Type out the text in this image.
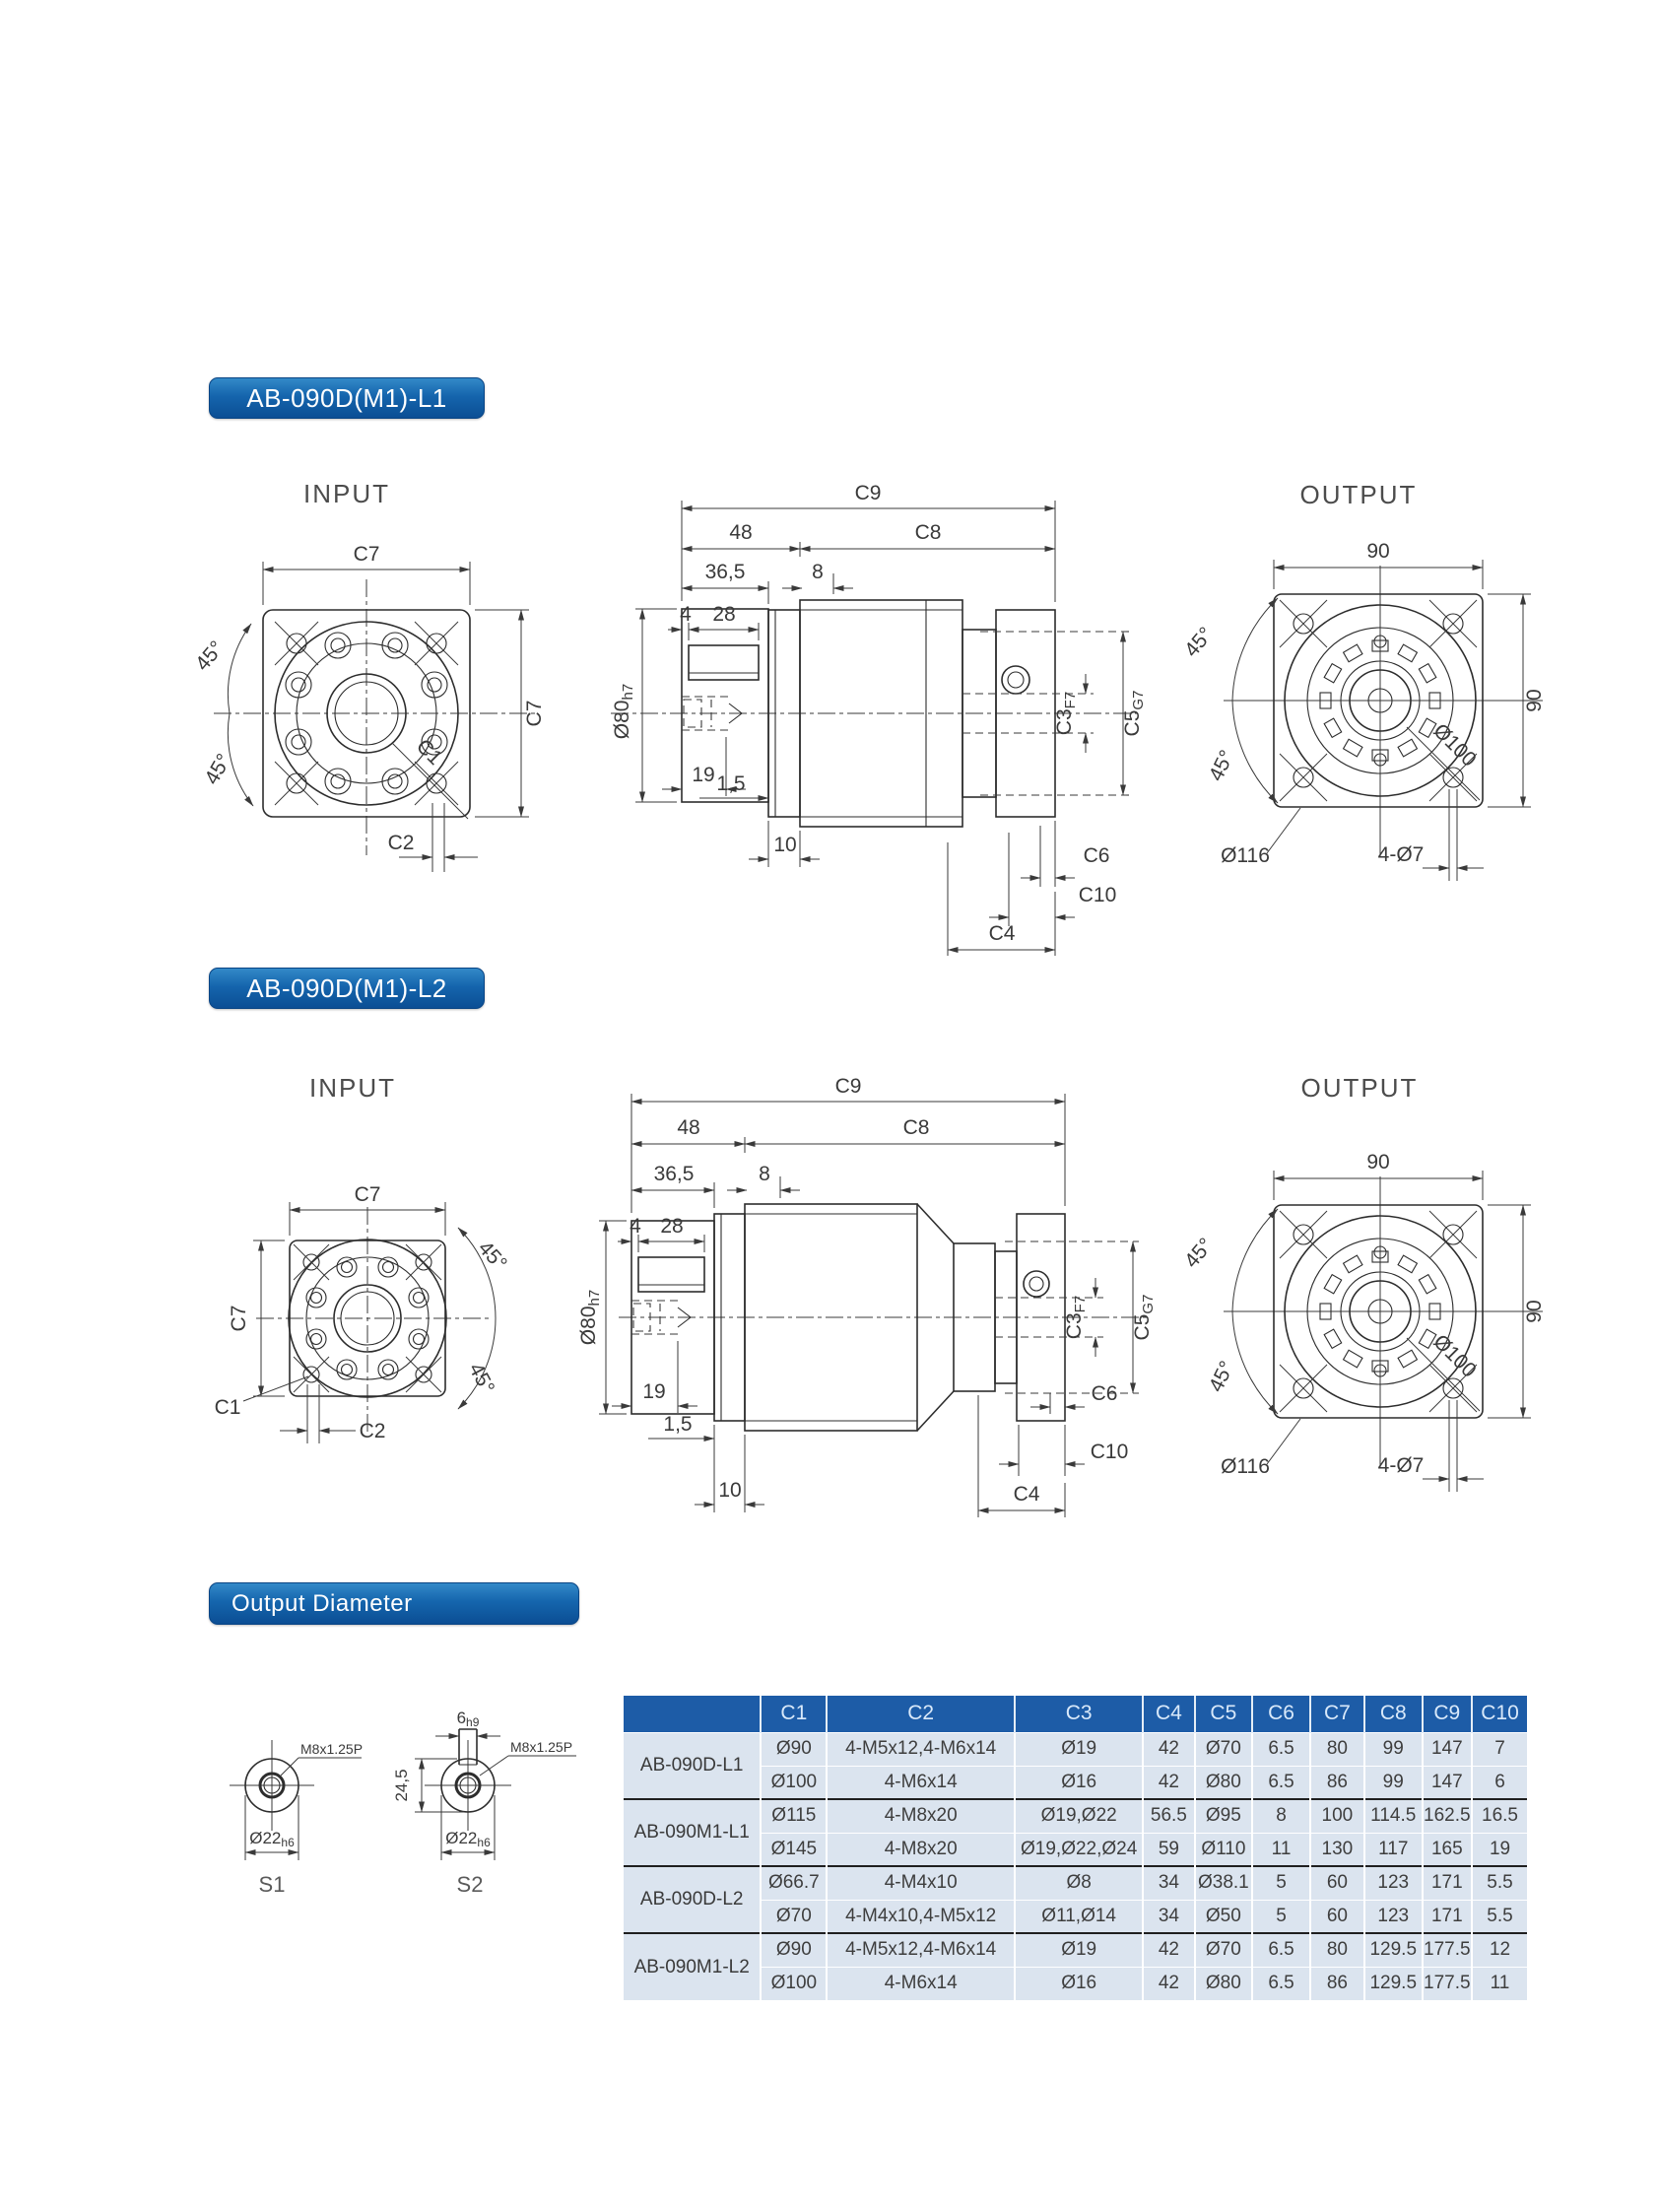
AB-090D(M1)-L1
AB-090D(M1)-L2
Output Diameter
INPUT	OUTPUT
INPUT	OUTPUT
C7
C7
45°
45°	C1
C2
C9
48	C8
36,5	8
Ø80h7
4 28
19 1,5
10
C3F7
C5G7
C6
C10
C4
90
90
45°
45°
Ø116	4-Ø7
Ø100
C7
C7
45°
45°
C1
C2
C9
48	C8
36,5	8
Ø80h7
4 28
19
1,5
10
C3F7
C5G7
C6
C10
C4
90
90
45°
45°
Ø116	4-Ø7
Ø100
M8x1.25P
Ø22h6
S1
6h9
24,5
M8x1.25P
Ø22h6
S2
	C1	C2	C3	C4	C5	C6	C7	C8	C9	C10
AB-090D-L1	Ø90	4-M5x12,4-M6x14	Ø19	42	Ø70	6.5	80	99	147	7
	Ø100	4-M6x14	Ø16	42	Ø80	6.5	86	99	147	6
AB-090M1-L1	Ø115	4-M8x20	Ø19,Ø22	56.5	Ø95	8	100	114.5	162.5	16.5
	Ø145	4-M8x20	Ø19,Ø22,Ø24	59	Ø110	11	130	117	165	19
AB-090D-L2	Ø66.7	4-M4x10	Ø8	34	Ø38.1	5	60	123	171	5.5
	Ø70	4-M4x10,4-M5x12	Ø11,Ø14	34	Ø50	5	60	123	171	5.5
AB-090M1-L2	Ø90	4-M5x12,4-M6x14	Ø19	42	Ø70	6.5	80	129.5	177.5	12
	Ø100	4-M6x14	Ø16	42	Ø80	6.5	86	129.5	177.5	11
